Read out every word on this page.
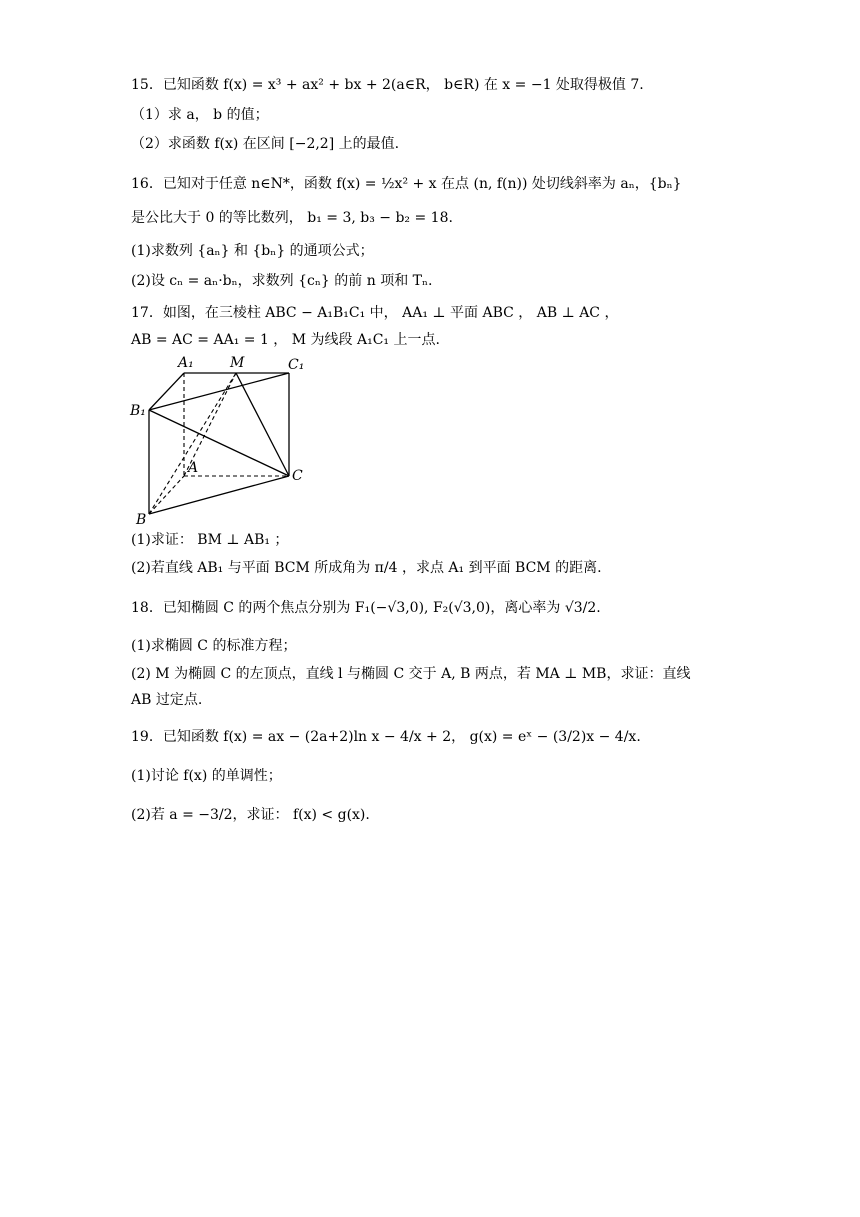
15．已知函数 f(x) = x³ + ax² + bx + 2(a∈R， b∈R) 在 x = −1 处取得极值 7.
（1）求 a， b 的值；
（2）求函数 f(x) 在区间 [−2,2] 上的最值.
16．已知对于任意 n∈N*，函数 f(x) = ½x² + x 在点 (n, f(n)) 处切线斜率为 aₙ，{bₙ}
是公比大于 0 的等比数列， b₁ = 3, b₃ − b₂ = 18.
(1)求数列 {aₙ} 和 {bₙ} 的通项公式；
(2)设 cₙ = aₙ·bₙ，求数列 {cₙ} 的前 n 项和 Tₙ.
17．如图，在三棱柱 ABC − A₁B₁C₁ 中， AA₁ ⊥ 平面 ABC ， AB ⊥ AC ，
AB = AC = AA₁ = 1 ， M 为线段 A₁C₁ 上一点.
A₁	M	C₁
B₁
A	C
B
(1)求证： BM ⊥ AB₁ ；
(2)若直线 AB₁ 与平面 BCM 所成角为 π/4 ，求点 A₁ 到平面 BCM 的距离.
18．已知椭圆 C 的两个焦点分别为 F₁(−√3,0), F₂(√3,0)，离心率为 √3/2.
(1)求椭圆 C 的标准方程；
(2) M 为椭圆 C 的左顶点，直线 l 与椭圆 C 交于 A, B 两点，若 MA ⊥ MB，求证：直线
AB 过定点.
19．已知函数 f(x) = ax − (2a+2)ln x − 4/x + 2， g(x) = eˣ − (3/2)x − 4/x.
(1)讨论 f(x) 的单调性；
(2)若 a = −3/2，求证： f(x) < g(x).
